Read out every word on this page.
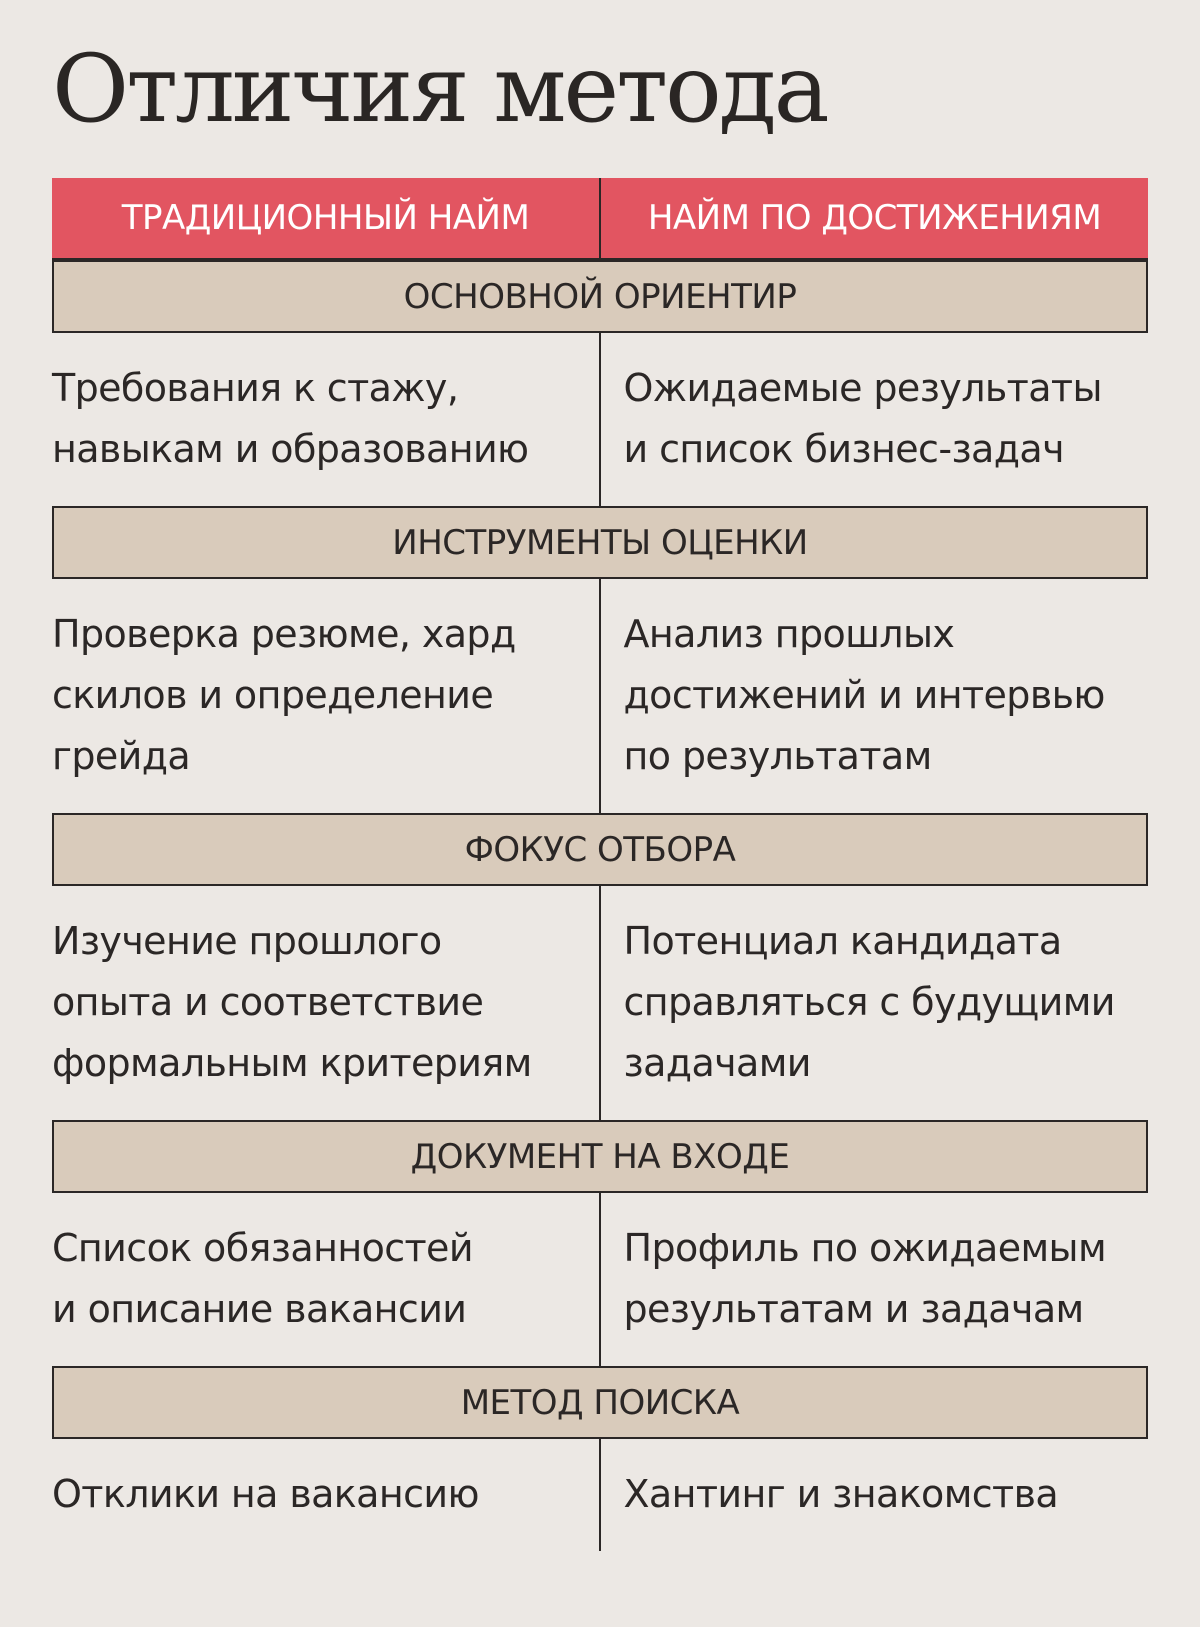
Отличия метода
ТРАДИЦИОННЫЙ НАЙМ	НАЙМ ПО ДОСТИЖЕНИЯМ
ОСНОВНОЙ ОРИЕНТИР
Требования к стажу,
навыкам и образованию
Ожидаемые результаты
и список бизнес-задач
ИНСТРУМЕНТЫ ОЦЕНКИ
Проверка резюме, хард
скилов и определение
грейда
Анализ прошлых
достижений и интервью
по результатам
ФОКУС ОТБОРА
Изучение прошлого
опыта и соответствие
формальным критериям
Потенциал кандидата
справляться с будущими
задачами
ДОКУМЕНТ НА ВХОДЕ
Список обязанностей
и описание вакансии
Профиль по ожидаемым
результатам и задачам
МЕТОД ПОИСКА
Отклики на вакансию	Хантинг и знакомства
